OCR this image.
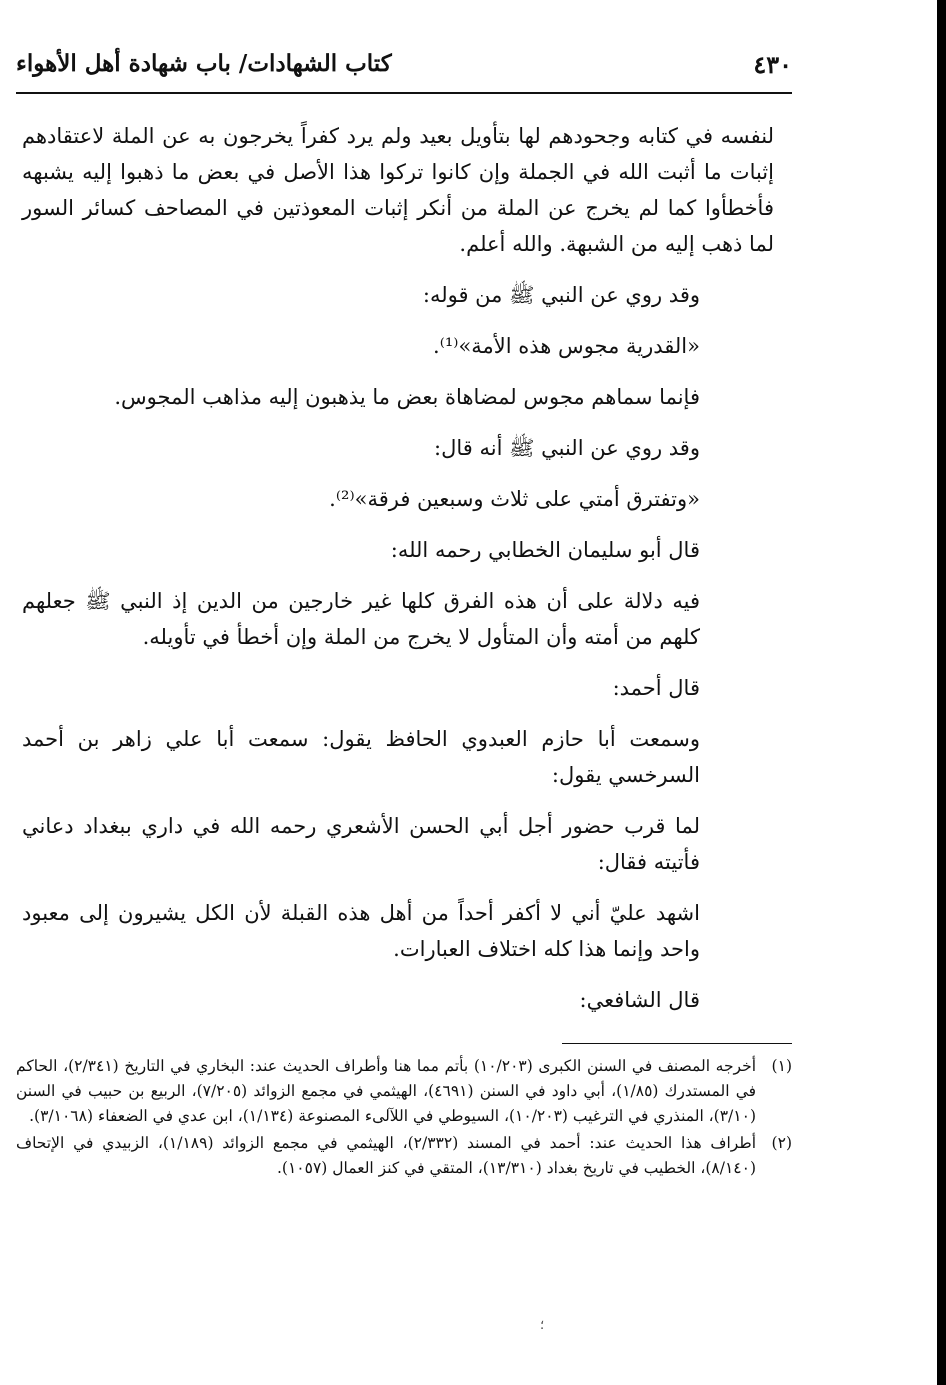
٤٣٠
كتاب الشهادات/ باب شهادة أهل الأهواء

لنفسه في كتابه وجحودهم لها بتأويل بعيد ولم يرد كفراً يخرجون به عن الملة لاعتقادهم إثبات ما أثبت الله في الجملة وإن كانوا تركوا هذا الأصل في بعض ما ذهبوا إليه يشبهه فأخطأوا كما لم يخرج عن الملة من أنكر إثبات المعوذتين في المصاحف كسائر السور لما ذهب إليه من الشبهة. والله أعلم.

وقد روي عن النبي ﷺ من قوله:

«القدرية مجوس هذه الأمة»⁽¹⁾.

فإنما سماهم مجوس لمضاهاة بعض ما يذهبون إليه مذاهب المجوس.

وقد روي عن النبي ﷺ أنه قال:

«وتفترق أمتي على ثلاث وسبعين فرقة»⁽²⁾.

قال أبو سليمان الخطابي رحمه الله:

فيه دلالة على أن هذه الفرق كلها غير خارجين من الدين إذ النبي ﷺ جعلهم كلهم من أمته وأن المتأول لا يخرج من الملة وإن أخطأ في تأويله.

قال أحمد:

وسمعت أبا حازم العبدوي الحافظ يقول: سمعت أبا علي زاهر بن أحمد السرخسي يقول:

لما قرب حضور أجل أبي الحسن الأشعري رحمه الله في داري ببغداد دعاني فأتيته فقال:

اشهد عليّ أني لا أكفر أحداً من أهل هذه القبلة لأن الكل يشيرون إلى معبود واحد وإنما هذا كله اختلاف العبارات.

قال الشافعي:

(١)
أخرجه المصنف في السنن الكبرى (١٠/٢٠٣) بأتم مما هنا وأطراف الحديث عند: البخاري في التاريخ (٢/٣٤١)، الحاكم في المستدرك (١/٨٥)، أبي داود في السنن (٤٦٩١)، الهيثمي في مجمع الزوائد (٧/٢٠٥)، الربيع بن حبيب في السنن (٣/١٠)، المنذري في الترغيب (١٠/٢٠٣)، السيوطي في اللآلىء المصنوعة (١/١٣٤)، ابن عدي في الضعفاء (٣/١٠٦٨).
(٢)
أطراف هذا الحديث عند: أحمد في المسند (٢/٣٣٢)، الهيثمي في مجمع الزوائد (١/١٨٩)، الزبيدي في الإتحاف (٨/١٤٠)، الخطيب في تاريخ بغداد (١٣/٣١٠)، المتقي في كنز العمال (١٠٥٧).
؛
